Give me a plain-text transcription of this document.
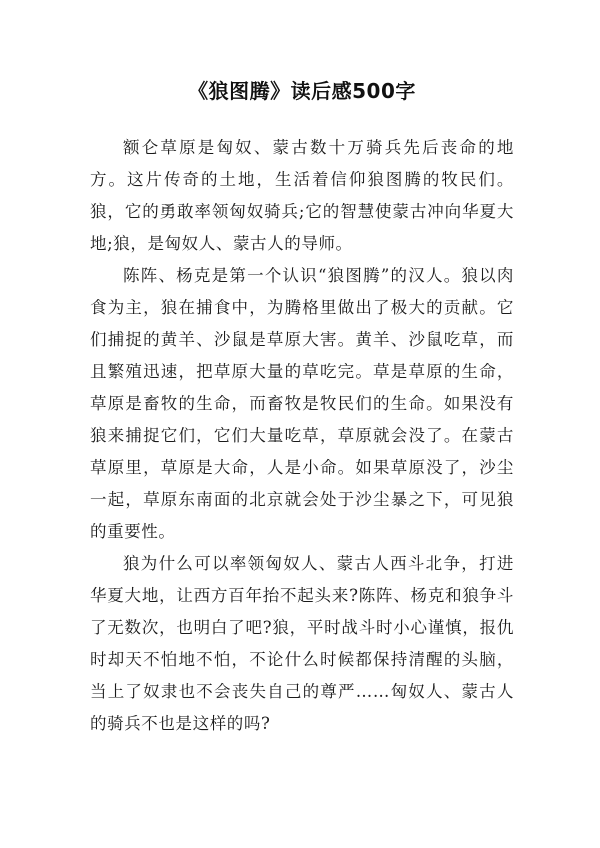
《狼图腾》读后感500字

额仑草原是匈奴、蒙古数十万骑兵先后丧命的地方。这片传奇的土地，生活着信仰狼图腾的牧民们。狼，它的勇敢率领匈奴骑兵;它的智慧使蒙古冲向华夏大地;狼，是匈奴人、蒙古人的导师。

陈阵、杨克是第一个认识“狼图腾”的汉人。狼以肉食为主，狼在捕食中，为腾格里做出了极大的贡献。它们捕捉的黄羊、沙鼠是草原大害。黄羊、沙鼠吃草，而且繁殖迅速，把草原大量的草吃完。草是草原的生命，草原是畜牧的生命，而畜牧是牧民们的生命。如果没有狼来捕捉它们，它们大量吃草，草原就会没了。在蒙古草原里，草原是大命，人是小命。如果草原没了，沙尘一起，草原东南面的北京就会处于沙尘暴之下，可见狼的重要性。

狼为什么可以率领匈奴人、蒙古人西斗北争，打进华夏大地，让西方百年抬不起头来?陈阵、杨克和狼争斗了无数次，也明白了吧?狼，平时战斗时小心谨慎，报仇时却天不怕地不怕，不论什么时候都保持清醒的头脑，当上了奴隶也不会丧失自己的尊严……匈奴人、蒙古人的骑兵不也是这样的吗?
